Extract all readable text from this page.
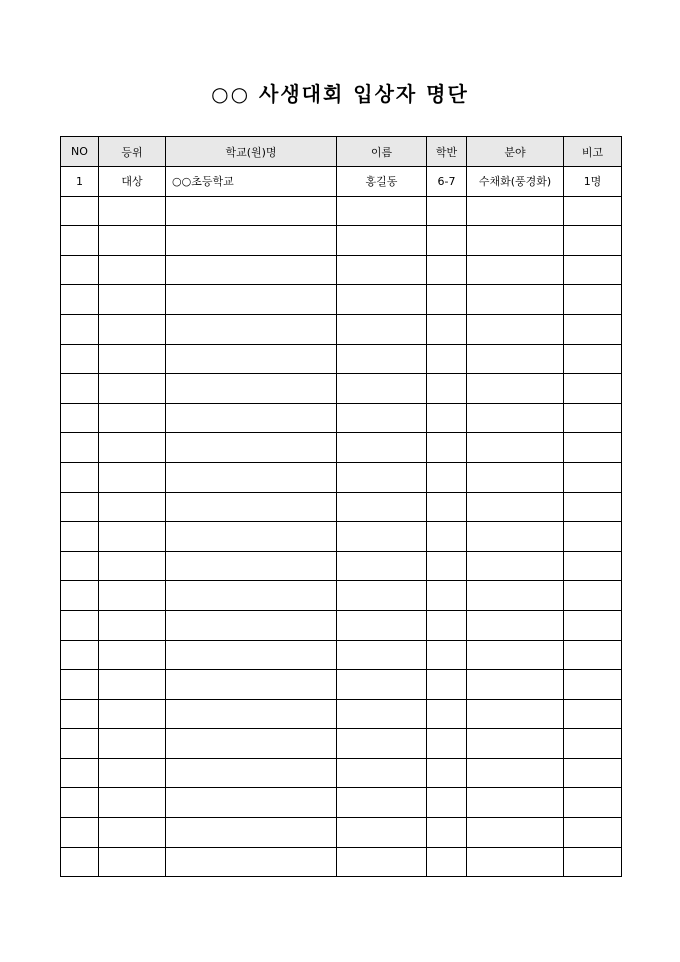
○○ 사생대회 입상자 명단
NO	등위	학교(원)명	이름	학반	분야	비고
1	대상	○○초등학교	홍길동	6-7	수채화(풍경화)	1명
